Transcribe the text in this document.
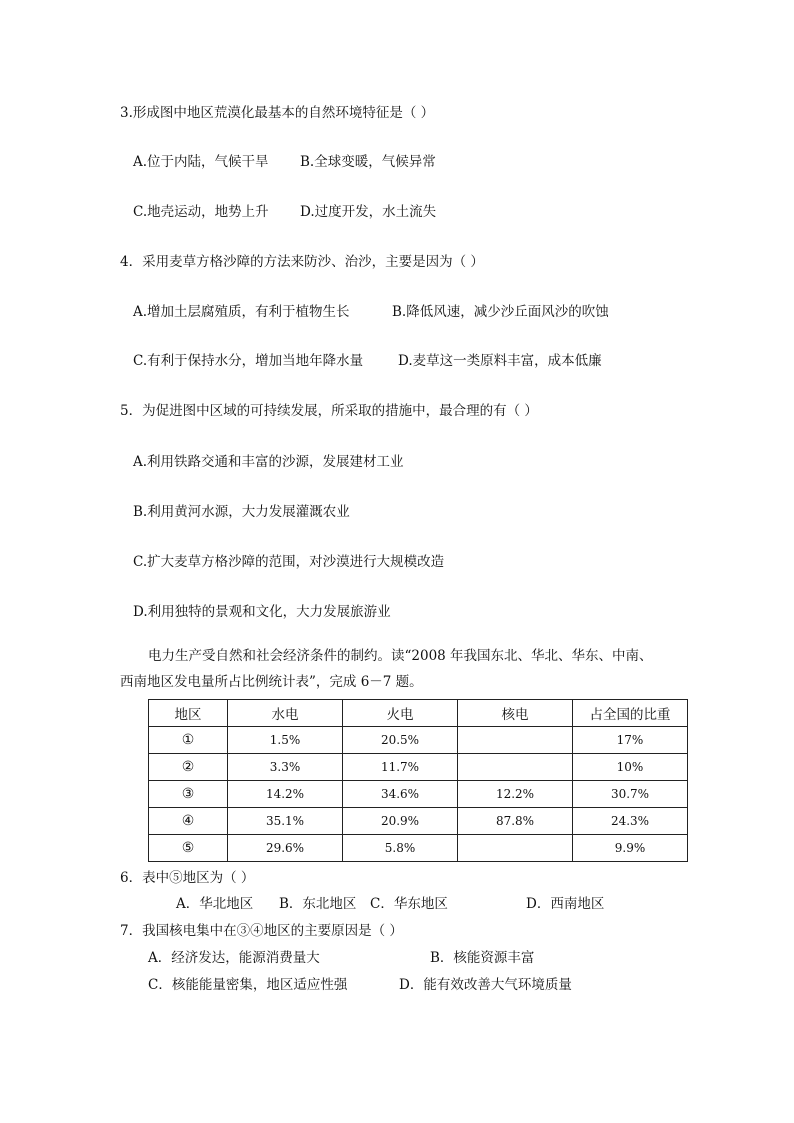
3.形成图中地区荒漠化最基本的自然环境特征是（ ）
A.位于内陆，气候干旱 B.全球变暖，气候异常
C.地壳运动，地势上升 D.过度开发，水土流失
4．采用麦草方格沙障的方法来防沙、治沙，主要是因为（ ）
A.增加土层腐殖质，有利于植物生长	B.降低风速，减少沙丘面风沙的吹蚀
C.有利于保持水分，增加当地年降水量	D.麦草这一类原料丰富，成本低廉
5．为促进图中区域的可持续发展，所采取的措施中，最合理的有（ ）
A.利用铁路交通和丰富的沙源，发展建材工业
B.利用黄河水源，大力发展灌溉农业
C.扩大麦草方格沙障的范围，对沙漠进行大规模改造
D.利用独特的景观和文化，大力发展旅游业
电力生产受自然和社会经济条件的制约。读“2008 年我国东北、华北、华东、中南、
西南地区发电量所占比例统计表”，完成 6－7 题。
地区	水电	火电	核电	占全国的比重
①	1.5%	20.5%		17%
②	3.3%	11.7%		10%
③	14.2%	34.6%	12.2%	30.7%
④	35.1%	20.9%	87.8%	24.3%
⑤	29.6%	5.8%		9.9%
6．表中⑤地区为（ ）
A．华北地区 B．东北地区 C．华东地区	D．西南地区
7．我国核电集中在③④地区的主要原因是（ ）
A．经济发达，能源消费量大	B．核能资源丰富
C．核能能量密集，地区适应性强	D．能有效改善大气环境质量
